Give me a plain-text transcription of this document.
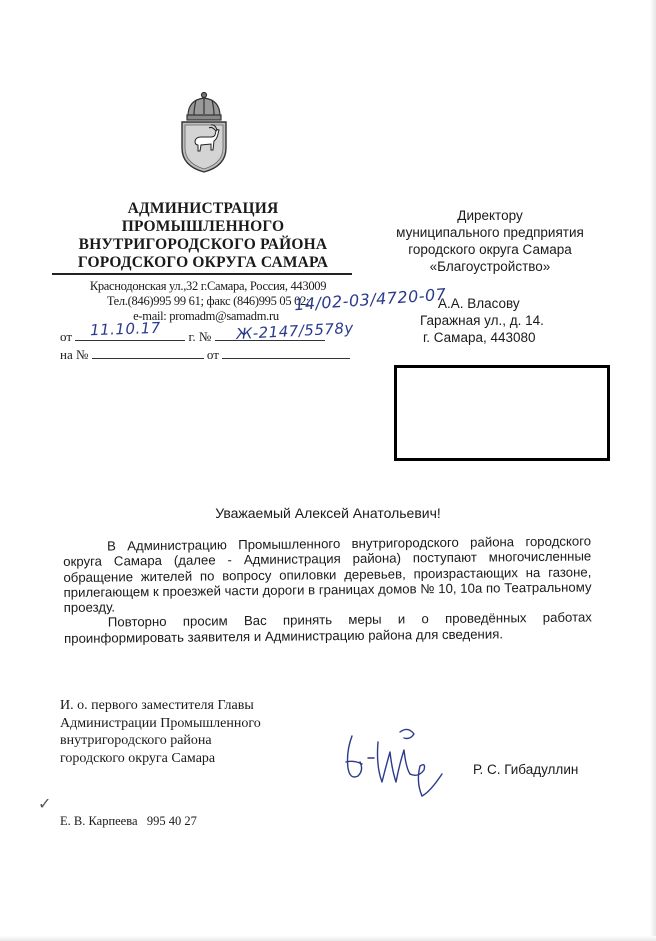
АДМИНИСТРАЦИЯ
ПРОМЫШЛЕННОГО
ВНУТРИГОРОДСКОГО РАЙОНА
ГОРОДСКОГО ОКРУГА САМАРА
Краснодонская ул.,32 г.Самара, Россия, 443009
Тел.(846)995 99 61; факс (846)995 05 02;
e-mail: promadm@samadm.ru
14/02-03/4720-07
от	г. №
11.10.17	Ж-2147/5578у
на №	от
Директору
муниципального предприятия
городского округа Самара
«Благоустройство»
А.А. Власову
Гаражная ул., д. 14.
г. Самара, 443080
Уважаемый Алексей Анатольевич!

В Администрацию Промышленного внутригородского района городского округа Самара (далее - Администрация района) поступают многочисленные обращение жителей по вопросу опиловки деревьев, произрастающих на газоне, прилегающем к проезжей части дороги в границах домов № 10, 10а по Театральному проезду.

Повторно просим Вас принять меры и о проведённых работах проинформировать заявителя и Администрацию района для сведения.

И. о. первого заместителя Главы
Администрации Промышленного
внутригородского района
городского округа Самара
Р. С. Гибадуллин
✓
Е. В. Карпеева   995 40 27
